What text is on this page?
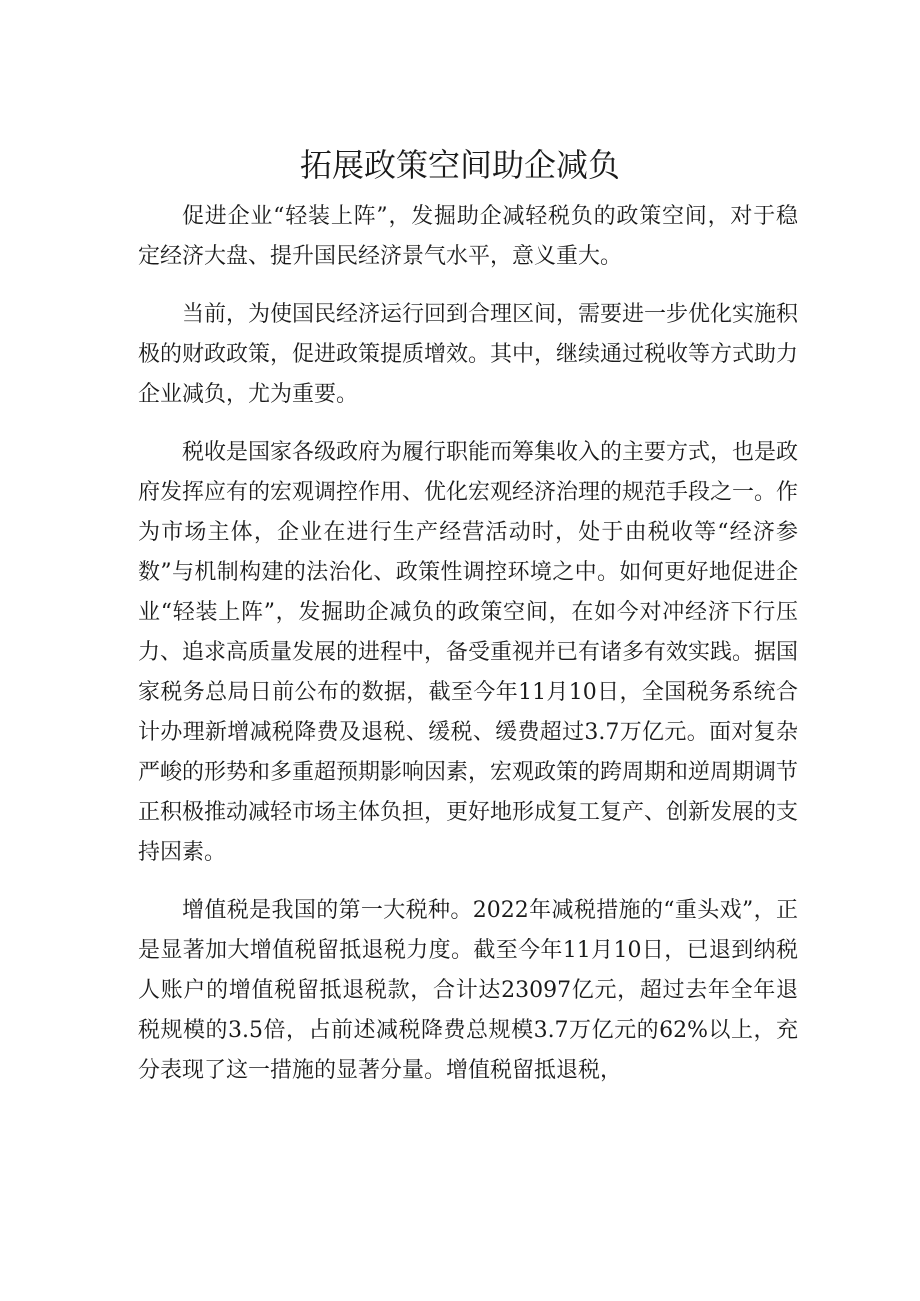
拓展政策空间助企减负

促进企业“轻装上阵”，发掘助企减轻税负的政策空间，对于稳定经济大盘、提升国民经济景气水平，意义重大。

当前，为使国民经济运行回到合理区间，需要进一步优化实施积极的财政政策，促进政策提质增效。其中，继续通过税收等方式助力企业减负，尤为重要。

税收是国家各级政府为履行职能而筹集收入的主要方式，也是政府发挥应有的宏观调控作用、优化宏观经济治理的规范手段之一。作为市场主体，企业在进行生产经营活动时，处于由税收等“经济参数”与机制构建的法治化、政策性调控环境之中。如何更好地促进企业“轻装上阵”，发掘助企减负的政策空间，在如今对冲经济下行压力、追求高质量发展的进程中，备受重视并已有诸多有效实践。据国家税务总局日前公布的数据，截至今年11月10日，全国税务系统合计办理新增减税降费及退税、缓税、缓费超过3.7万亿元。面对复杂严峻的形势和多重超预期影响因素，宏观政策的跨周期和逆周期调节正积极推动减轻市场主体负担，更好地形成复工复产、创新发展的支持因素。

增值税是我国的第一大税种。2022年减税措施的“重头戏”，正是显著加大增值税留抵退税力度。截至今年11月10日，已退到纳税人账户的增值税留抵退税款，合计达23097亿元，超过去年全年退税规模的3.5倍，占前述减税降费总规模3.7万亿元的62%以上，充分表现了这一措施的显著分量。增值税留抵退税，
